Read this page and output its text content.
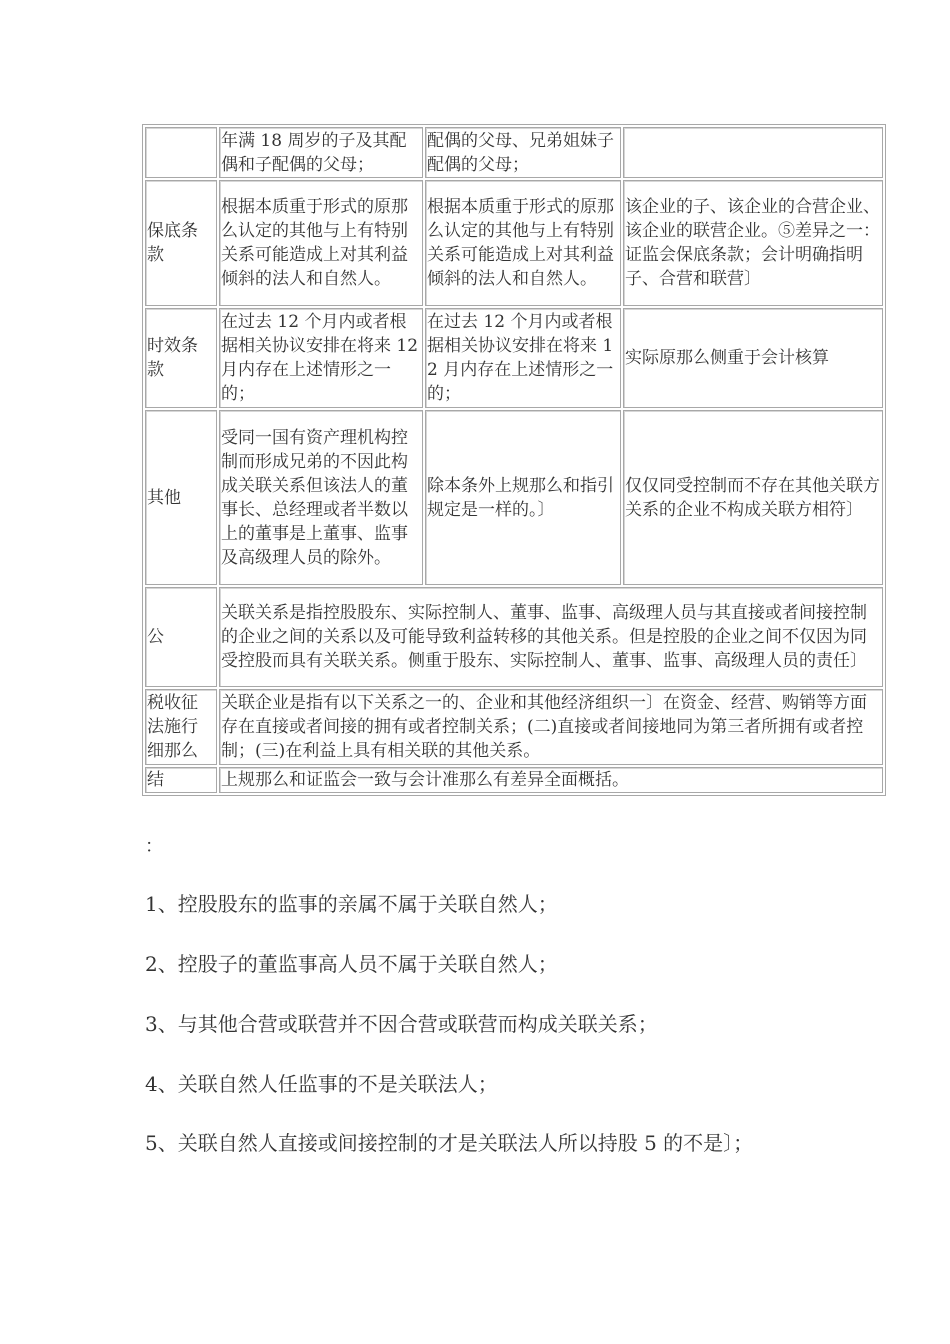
	年满 18 周岁的子及其配偶和子配偶的父母；	配偶的父母、兄弟姐妹子配偶的父母；	
保底条款	根据本质重于形式的原那么认定的其他与上有特别关系可能造成上对其利益倾斜的法人和自然人。	根据本质重于形式的原那么认定的其他与上有特别关系可能造成上对其利益倾斜的法人和自然人。	该企业的子、该企业的合营企业、该企业的联营企业。⑤差异之一：证监会保底条款；会计明确指明子、合营和联营〕
时效条款	在过去 12 个月内或者根据相关协议安排在将来 12 月内存在上述情形之一的；	在过去 12 个月内或者根据相关协议安排在将来 12 月内存在上述情形之一的；	实际原那么侧重于会计核算
其他	受同一国有资产理机构控制而形成兄弟的不因此构成关联关系但该法人的董事长、总经理或者半数以上的董事是上董事、监事及高级理人员的除外。	除本条外上规那么和指引规定是一样的。〕	仅仅同受控制而不存在其他关联方关系的企业不构成关联方相符〕
公	关联关系是指控股股东、实际控制人、董事、监事、高级理人员与其直接或者间接控制的企业之间的关系以及可能导致利益转移的其他关系。但是控股的企业之间不仅因为同受控股而具有关联关系。侧重于股东、实际控制人、董事、监事、高级理人员的责任〕		
税收征法施行细那么	关联企业是指有以下关系之一的、企业和其他经济组织一〕在资金、经营、购销等方面存在直接或者间接的拥有或者控制关系；(二)直接或者间接地同为第三者所拥有或者控制；(三)在利益上具有相关联的其他关系。		
结	上规那么和证监会一致与会计准那么有差异全面概括。		
：
1、控股股东的监事的亲属不属于关联自然人；
2、控股子的董监事高人员不属于关联自然人；
3、与其他合营或联营并不因合营或联营而构成关联关系；
4、关联自然人任监事的不是关联法人；
5、关联自然人直接或间接控制的才是关联法人所以持股 5 的不是〕；
